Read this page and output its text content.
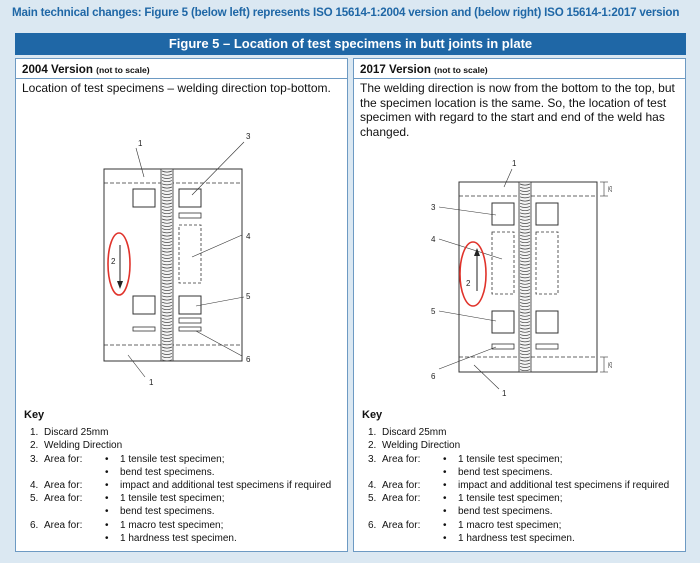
Main technical changes: Figure 5 (below left) represents ISO 15614-1:2004 version and (below right) ISO 15614-1:2017 version
Figure 5 – Location of test specimens in butt joints in plate
2004 Version (not to scale)
Location of test specimens – welding direction top-bottom.
1
2
3
4
5
6
1
Key
1. Discard 25mm
2. Welding Direction
3. Area for: • 1 tensile test specimen;
• bend test specimens.
4. Area for: • impact and additional test specimens if required
5. Area for: • 1 tensile test specimen;
• bend test specimens.
6. Area for: • 1 macro test specimen;
• 1 hardness test specimen.
2017 Version (not to scale)
The welding direction is now from the bottom to the top, but the specimen location is the same. So, the location of test specimen with regard to the start and end of the weld has changed.
25
25
1
2
3
4
5
6
1
Key
1. Discard 25mm
2. Welding Direction
3. Area for: • 1 tensile test specimen;
• bend test specimens.
4. Area for: • impact and additional test specimens if required
5. Area for: • 1 tensile test specimen;
• bend test specimens.
6. Area for: • 1 macro test specimen;
• 1 hardness test specimen.
